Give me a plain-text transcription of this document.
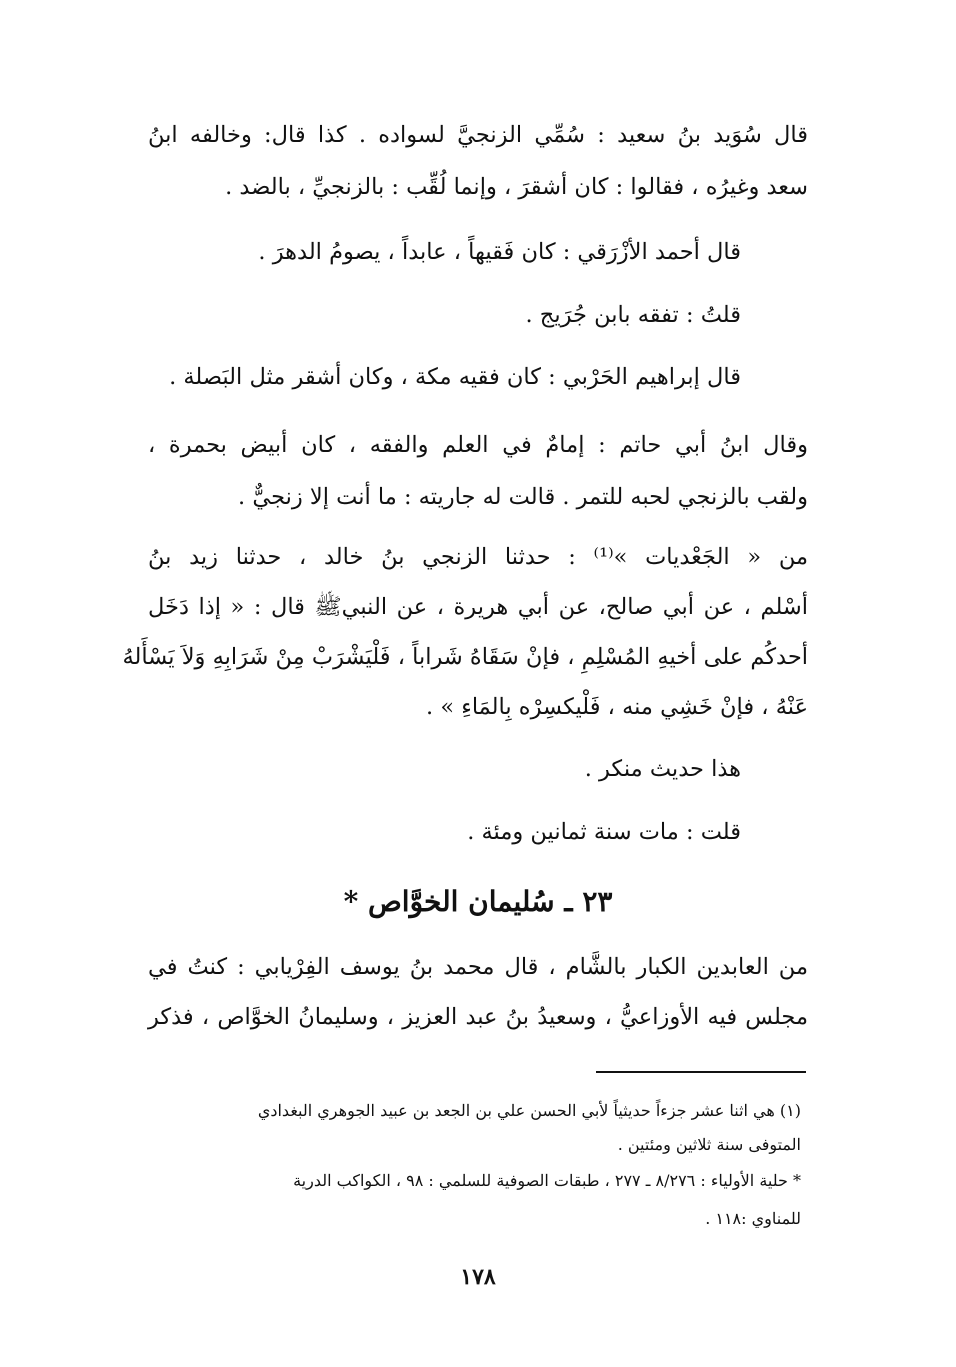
قال سُوَيد بنُ سعيد : سُمِّي الزنجيَّ لسواده . كذا قال: وخالفه ابنُ
سعد وغيرُه ، فقالوا : كان أشقرَ ، وإنما لُقِّب : بالزنجيِّ ، بالضد .
قال أحمد الأزْرَقي : كان فَقيهاً ، عابداً ، يصومُ الدهرَ .
قلتُ : تفقه بابن جُرَيج .
قال إبراهيم الحَرْبي : كان فقيه مكة ، وكان أشقر مثل البَصلة .
وقال ابنُ أبي حاتم : إمامٌ في العلم والفقه ، كان أبيض بحمرة ،
ولقب بالزنجي لحبه للتمر . قالت له جاريته : ما أنت إلا زنجيٌّ .
من « الجَعْديات »⁽¹⁾ : حدثنا الزنجي بنُ خالد ، حدثنا زيد بنُ
أسْلم ، عن أبي صالح، عن أبي هريرة ، عن النبيﷺ قال : « إذا دَخَل
أحدكُم على أخيهِ المُسْلِمِ ، فإنْ سَقَاهُ شَراباً ، فَلْيَشْرَبْ مِنْ شَرَابِهِ وَلاَ يَسْأَلهُ
عَنْهُ ، فإنْ خَشِي منه ، فَلْيكسِرْه بِالمَاءِ » .
هذا حديث منكر .
قلت : مات سنة ثمانين ومئة .
٢٣ ـ سُليمان الخوَّاص *
من العابدين الكبار بالشَّام ، قال محمد بنُ يوسف الفِرْيابي : كنتُ في
مجلس فيه الأوزاعيُّ ، وسعيدُ بنُ عبد العزيز ، وسليمانُ الخوَّاص ، فذكر
(١) هي اثنا عشر جزءاً حديثياً لأبي الحسن علي بن الجعد بن عبيد الجوهري البغدادي
المتوفى سنة ثلاثين ومئتين .
* حلية الأولياء : ٨/٢٧٦ ـ ٢٧٧ ، طبقات الصوفية للسلمي : ٩٨ ، الكواكب الدرية
للمناوي :١١٨ .
١٧٨
